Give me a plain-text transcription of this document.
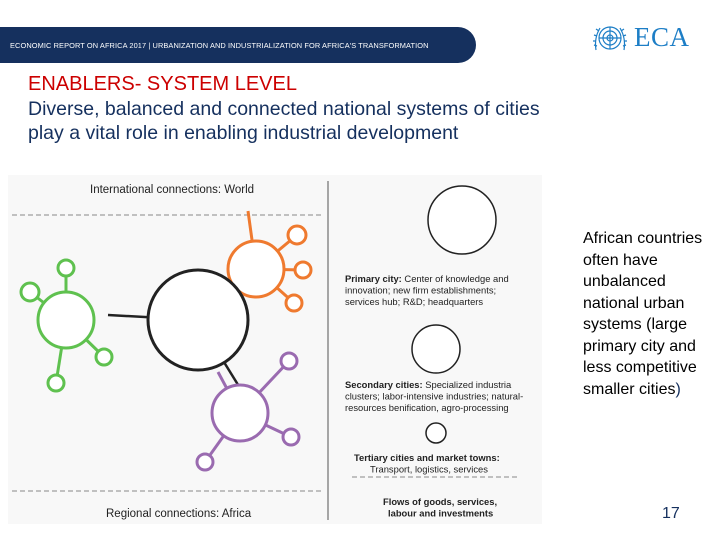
ECONOMIC REPORT ON AFRICA 2017 | URBANIZATION AND INDUSTRIALIZATION FOR AFRICA'S TRANSFORMATION	ECA
ENABLERS- SYSTEM LEVEL
Diverse, balanced and connected national systems of cities
play a vital role in enabling industrial development
International connections: World
Regional connections: Africa
Primary city: Center of knowledge and innovation; new firm establishments; services hub; R&D; headquarters
Secondary cities: Specialized industria clusters; labor-intensive industries; natural- resources benification, agro-processing
Tertiary cities and market towns: Transport, logistics, services
Flows of goods, services, labour and investments
African countries often have unbalanced national urban systems (large primary city and less competitive smaller cities)
17
